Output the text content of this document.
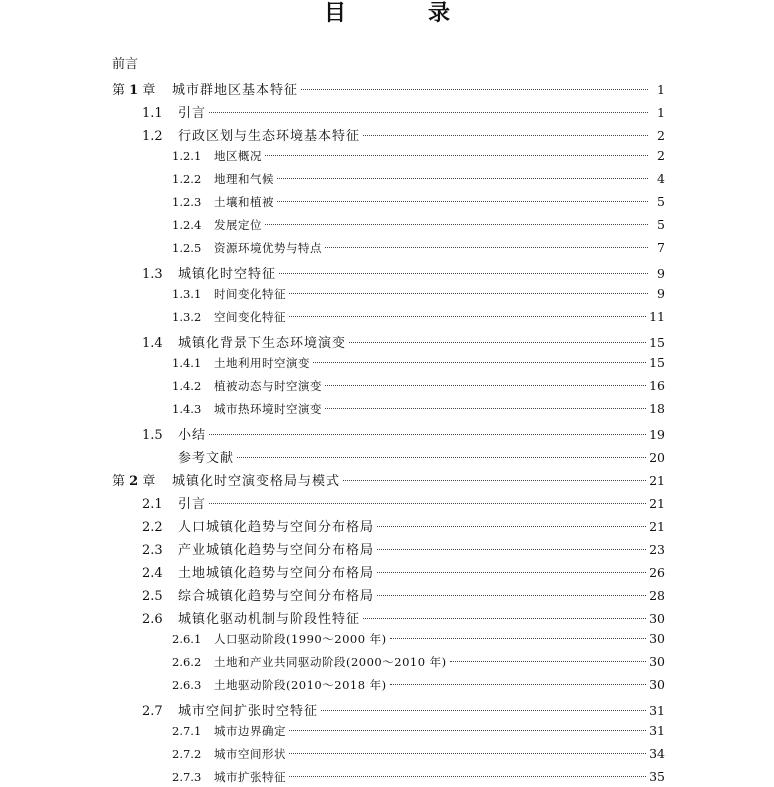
目　录
前言
第 1 章	城市群地区基本特征	1
1.1	引言	1
1.2	行政区划与生态环境基本特征	2
1.2.1	地区概况	2
1.2.2	地理和气候	4
1.2.3	土壤和植被	5
1.2.4	发展定位	5
1.2.5	资源环境优势与特点	7
1.3	城镇化时空特征	9
1.3.1	时间变化特征	9
1.3.2	空间变化特征	11
1.4	城镇化背景下生态环境演变	15
1.4.1	土地利用时空演变	15
1.4.2	植被动态与时空演变	16
1.4.3	城市热环境时空演变	18
1.5	小结	19
参考文献	20
第 2 章	城镇化时空演变格局与模式	21
2.1	引言	21
2.2	人口城镇化趋势与空间分布格局	21
2.3	产业城镇化趋势与空间分布格局	23
2.4	土地城镇化趋势与空间分布格局	26
2.5	综合城镇化趋势与空间分布格局	28
2.6	城镇化驱动机制与阶段性特征	30
2.6.1	人口驱动阶段(1990～2000 年)	30
2.6.2	土地和产业共同驱动阶段(2000～2010 年)	30
2.6.3	土地驱动阶段(2010～2018 年)	30
2.7	城市空间扩张时空特征	31
2.7.1	城市边界确定	31
2.7.2	城市空间形状	34
2.7.3	城市扩张特征	35
